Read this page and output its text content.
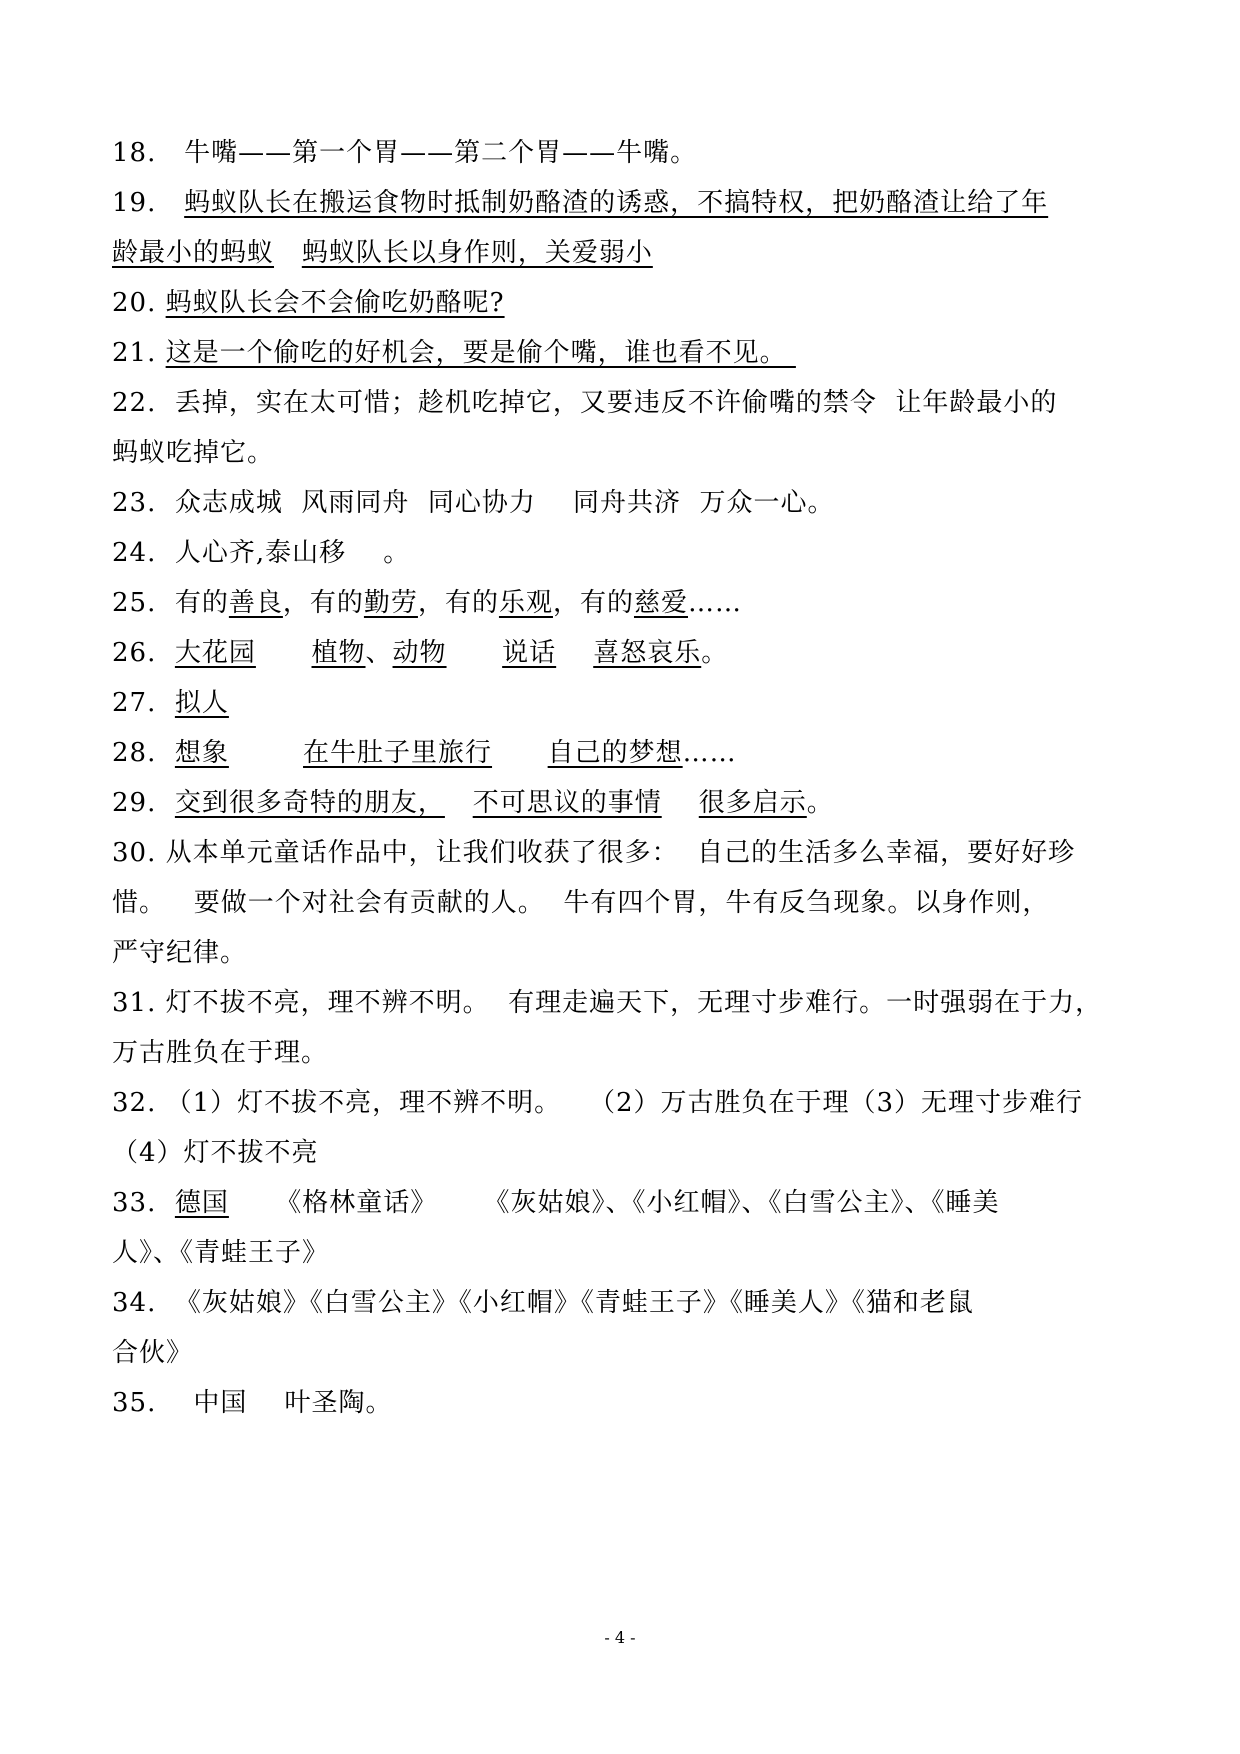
18.   牛嘴——第一个胃——第二个胃——牛嘴。
19.   蚂蚁队长在搬运食物时抵制奶酪渣的诱惑，不搞特权，把奶酪渣让给了年
龄最小的蚂蚁 蚂蚁队长以身作则，关爱弱小
20. 蚂蚁队长会不会偷吃奶酪呢?
21. 这是一个偷吃的好机会，要是偷个嘴，谁也看不见。
22.  丢掉，实在太可惜；趁机吃掉它，又要违反不许偷嘴的禁令  让年龄最小的
蚂蚁吃掉它。
23.  众志成城  风雨同舟  同心协力    同舟共济  万众一心。
24.  人心齐,泰山移    。
25.  有的善良，有的勤劳，有的乐观，有的慈爱……
26.  大花园 植物、动物 说话 喜怒哀乐。
27.  拟人
28.  想象	在牛肚子里旅行 自己的梦想……
29.  交到很多奇特的朋友， 不可思议的事情 很多启示。
30. 从本单元童话作品中，让我们收获了很多：  自己的生活多么幸福，要好好珍
惜。   要做一个对社会有贡献的人。  牛有四个胃，牛有反刍现象。以身作则，
严守纪律。
31. 灯不拔不亮，理不辨不明。  有理走遍天下，无理寸步难行。一时强弱在于力，
万古胜负在于理。
32. （1）灯不拔不亮，理不辨不明。   （2）万古胜负在于理（3）无理寸步难行
（4）灯不拔不亮
33.  德国     《格林童话》     《灰姑娘》、《小红帽》、《白雪公主》、《睡美
人》、《青蛙王子》
34.  《灰姑娘》《白雪公主》《小红帽》《青蛙王子》《睡美人》《猫和老鼠
合伙》
35.    中国    叶圣陶。
- 4 -
